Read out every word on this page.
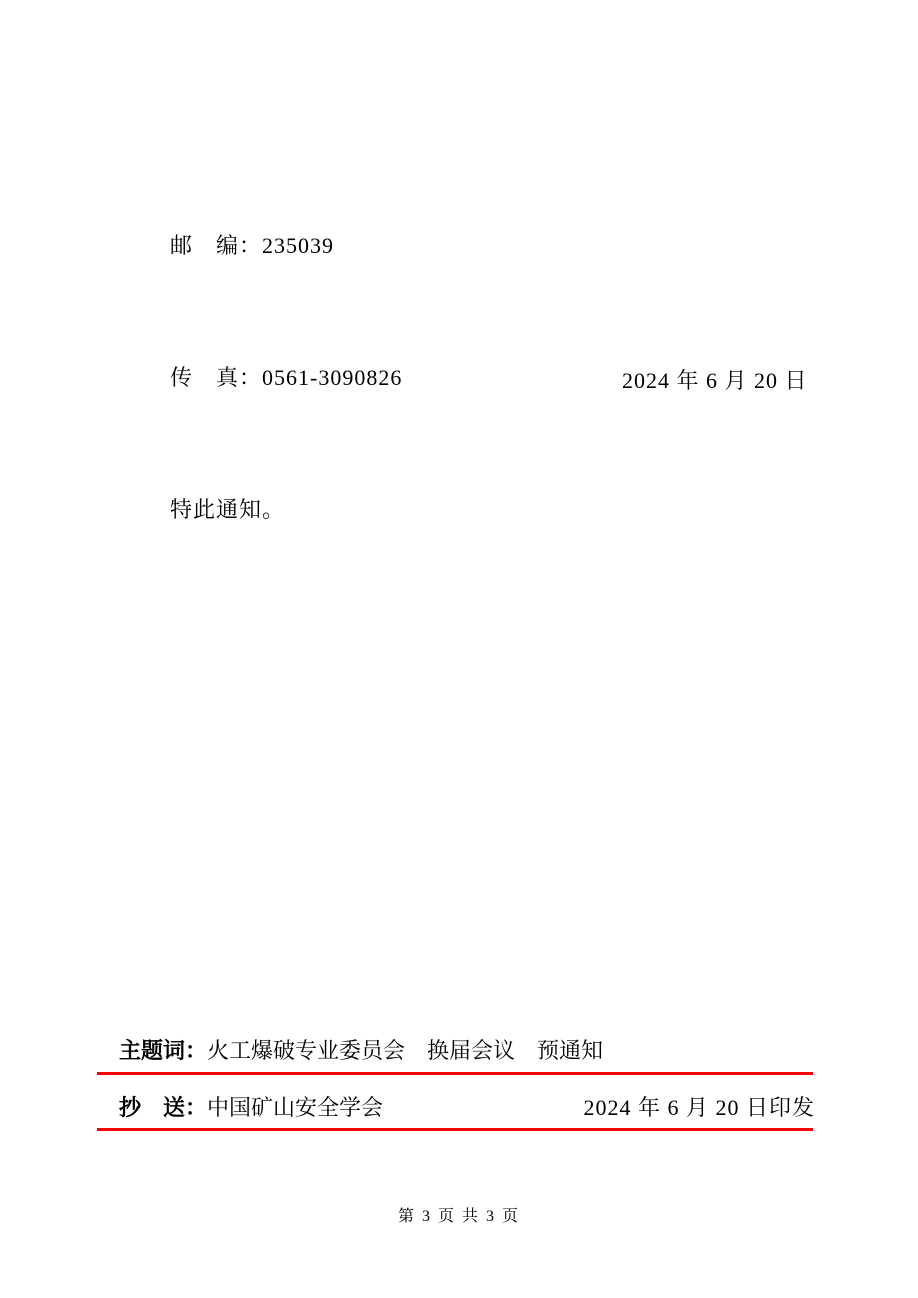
邮　编：235039

传　真：0561-3090826

特此通知。

2024 年 6 月 20 日
主题词：火工爆破专业委员会　换届会议　预通知
抄　送：中国矿山安全学会	2024 年 6 月 20 日印发
第 3 页 共 3 页
